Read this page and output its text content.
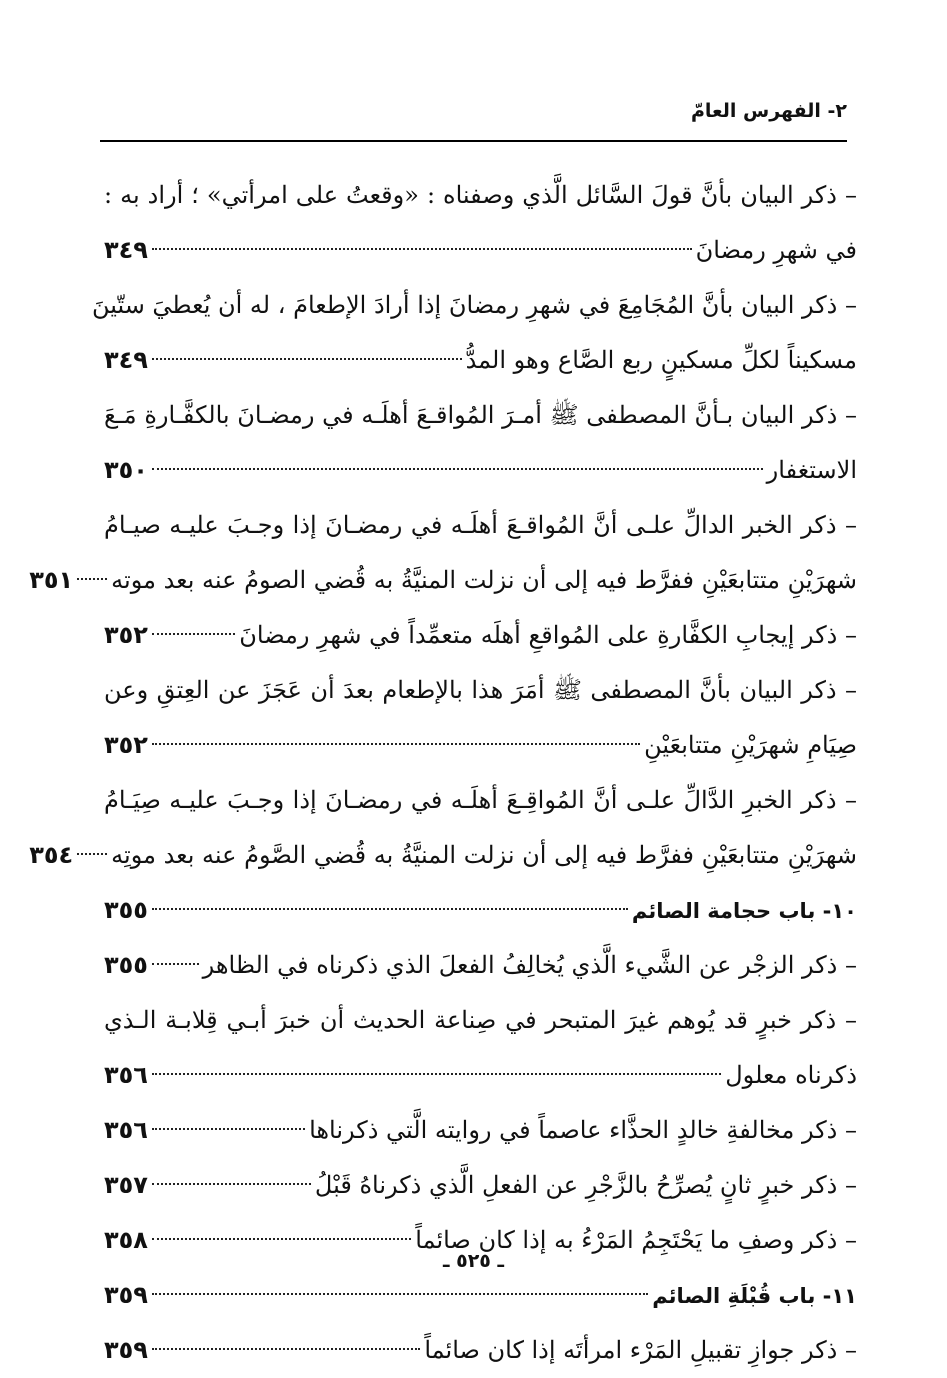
٢- الفهرس العامّ
– ذكر البيان بأنَّ قولَ السَّائل الَّذي وصفناه : «وقعتُ على امرأتي» ؛ أراد به :
في شهرِ رمضانَ
٣٤٩
– ذكر البيان بأنَّ المُجَامِعَ في شهرِ رمضانَ إذا أرادَ الإطعامَ ، له أن يُعطيَ ستّينَ
مسكيناً لكلِّ مسكينٍ ربع الصَّاع وهو المدُّ
٣٤٩
– ذكر البيان بـأنَّ المصطفى ﷺ أمـرَ المُواقـعَ أهلَـه في رمضـانَ بالكفَّـارةِ مَـعَ
الاستغفار
٣٥٠
– ذكر الخبر الدالِّ علـى أنَّ المُواقـعَ أهلَـه في رمضـانَ إذا وجـبَ عليـه صيـامُ
شهرَيْنِ متتابعَيْنِ ففرَّط فيه إلى أن نزلت المنيَّةُ به قُضي الصومُ عنه بعد موته
٣٥١
– ذكر إيجابِ الكفَّارةِ على المُواقعِ أهلَه متعمِّداً في شهرِ رمضانَ
٣٥٢
– ذكر البيان بأنَّ المصطفى ﷺ أمَرَ هذا بالإطعام بعدَ أن عَجَزَ عن العِتقِ وعن
صِيَامِ شهرَيْنِ متتابعَيْنِ
٣٥٢
– ذكر الخبرِ الدَّالِّ علـى أنَّ المُواقِـعَ أهلَـه في رمضـانَ إذا وجـبَ عليـه صِيَـامُ
شهرَيْنِ متتابعَيْنِ ففرَّط فيه إلى أن نزلت المنيَّةُ به قُضي الصَّومُ عنه بعد موتِه
٣٥٤
١٠- باب حجامة الصائم
٣٥٥
– ذكر الزجْر عن الشَّيء الَّذي يُخالِفُ الفعلَ الذي ذكرناه في الظاهر
٣٥٥
– ذكر خبرٍ قد يُوهم غيرَ المتبحر في صِناعة الحديث أن خبرَ أبـي قِلابـة الـذي
ذكرناه معلول
٣٥٦
– ذكر مخالفةِ خالدٍ الحذَّاء عاصماً في روايته الَّتي ذكرناها
٣٥٦
– ذكر خبرٍ ثانٍ يُصرِّحُ بالزَّجْرِ عن الفعلِ الَّذي ذكرناهُ قَبْلُ
٣٥٧
– ذكر وصفِ ما يَحْتَجِمُ المَرْءُ به إذا كان صائماً
٣٥٨
١١- باب قُبْلَةِ الصائم
٣٥٩
– ذكر جوازِ تقبيلِ المَرْء امرأتَه إذا كان صائماً
٣٥٩
ـ ٥٢٥ ـ
